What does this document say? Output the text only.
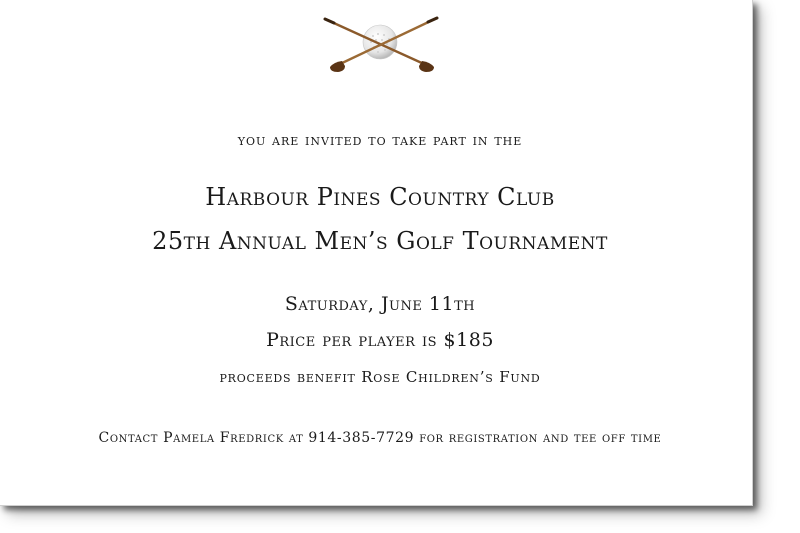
you are invited to take part in the
Harbour Pines Country Club
25th Annual Men’s Golf Tournament
Saturday, June 11th
Price per player is $185
proceeds benefit Rose Children’s Fund
Contact Pamela Fredrick at 914-385-7729 for registration and tee off time
